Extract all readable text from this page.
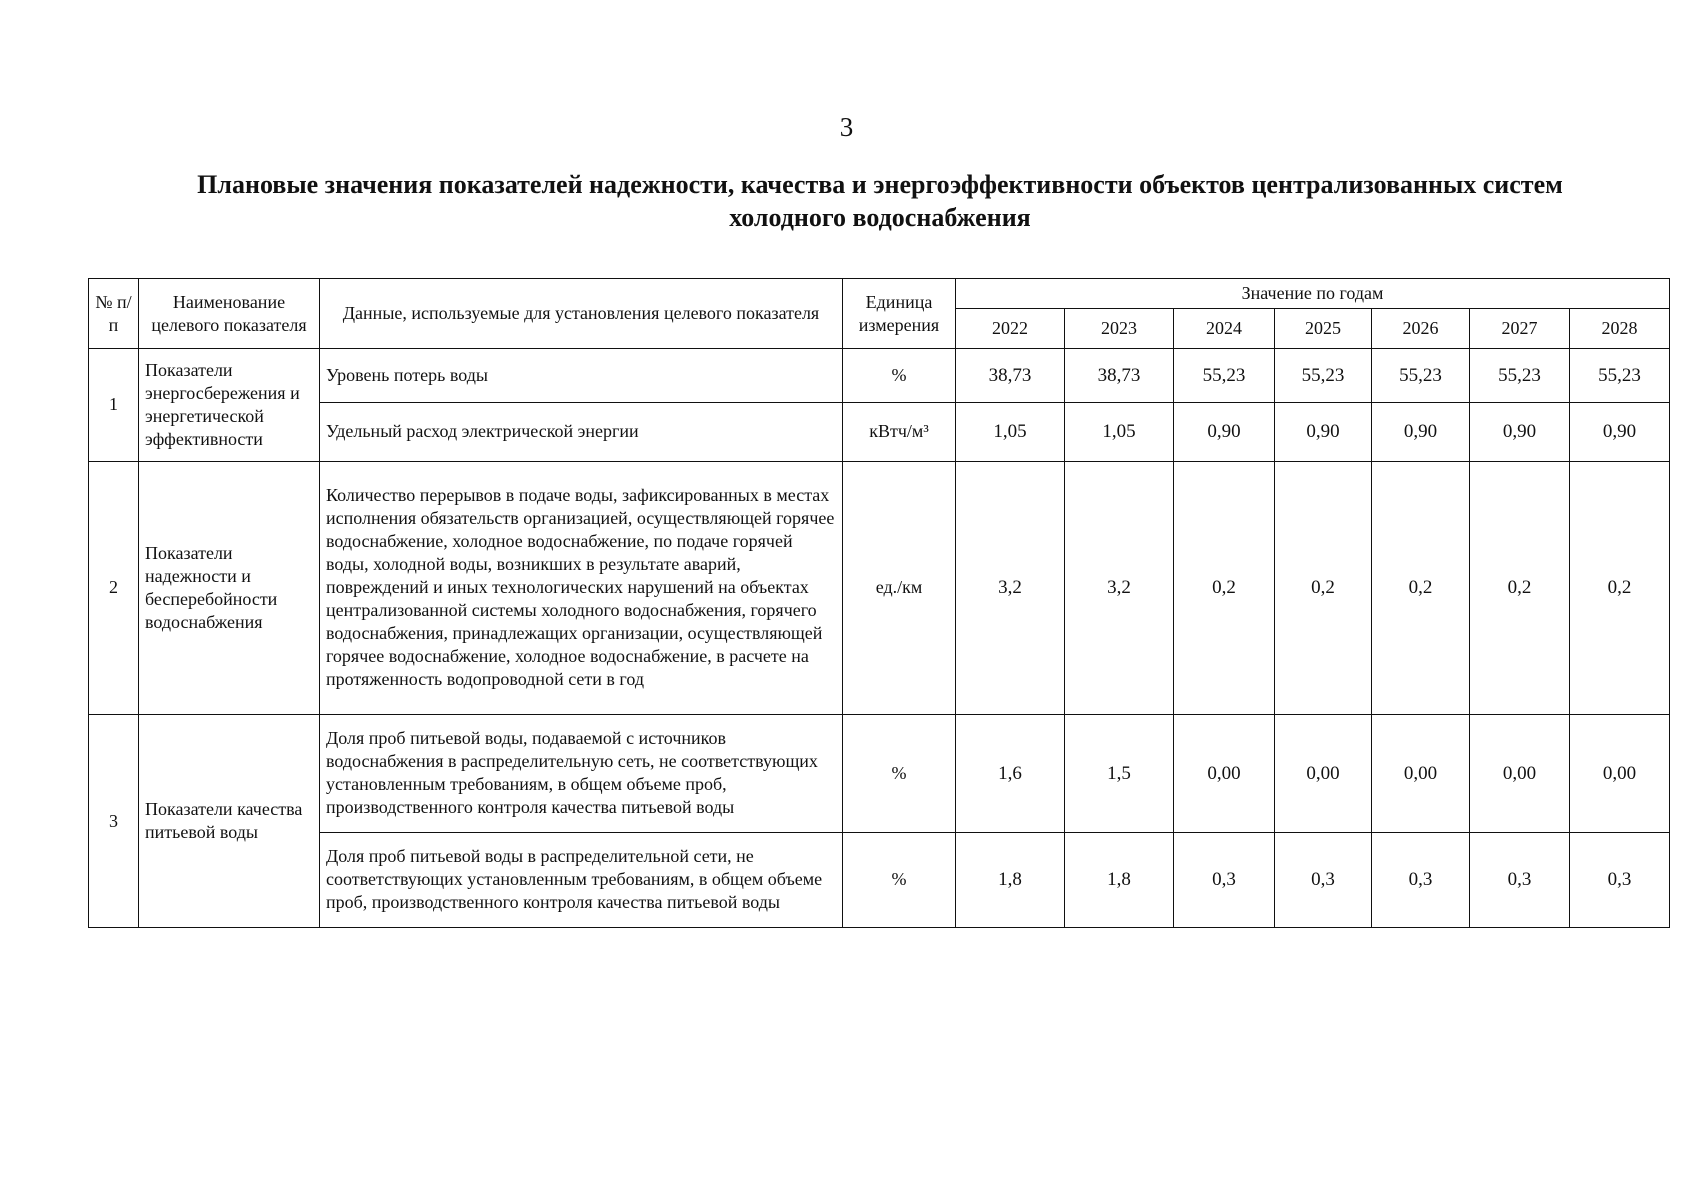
3
Плановые значения показателей надежности, качества и энергоэффективности объектов централизованных систем
холодного водоснабжения
№ п/п	Наименование целевого показателя	Данные, используемые для установления целевого показателя	Единица измерения	Значение по годам						
				2022	2023	2024	2025	2026	2027	2028
1	Показатели энергосбережения и энергетической эффективности	Уровень потерь воды	%	38,73	38,73	55,23	55,23	55,23	55,23	55,23
		Удельный расход электрической энергии	кВтч/м³	1,05	1,05	0,90	0,90	0,90	0,90	0,90
2	Показатели надежности и бесперебойности водоснабжения	Количество перерывов в подаче воды, зафиксированных в местах исполнения обязательств организацией, осуществляющей горячее водоснабжение, холодное водоснабжение, по подаче горячей воды, холодной воды, возникших в результате аварий, повреждений и иных технологических нарушений на объектах централизованной системы холодного водоснабжения, горячего водоснабжения, принадлежащих организации, осуществляющей горячее водоснабжение, холодное водоснабжение, в расчете на протяженность водопроводной сети в год	ед./км	3,2	3,2	0,2	0,2	0,2	0,2	0,2
3	Показатели качества питьевой воды	Доля проб питьевой воды, подаваемой с источников водоснабжения в распределительную сеть, не соответствующих установленным требованиям, в общем объеме проб, производственного контроля качества питьевой воды	%	1,6	1,5	0,00	0,00	0,00	0,00	0,00
		Доля проб питьевой воды в распределительной сети, не соответствующих установленным требованиям, в общем объеме проб, производственного контроля качества питьевой воды	%	1,8	1,8	0,3	0,3	0,3	0,3	0,3
